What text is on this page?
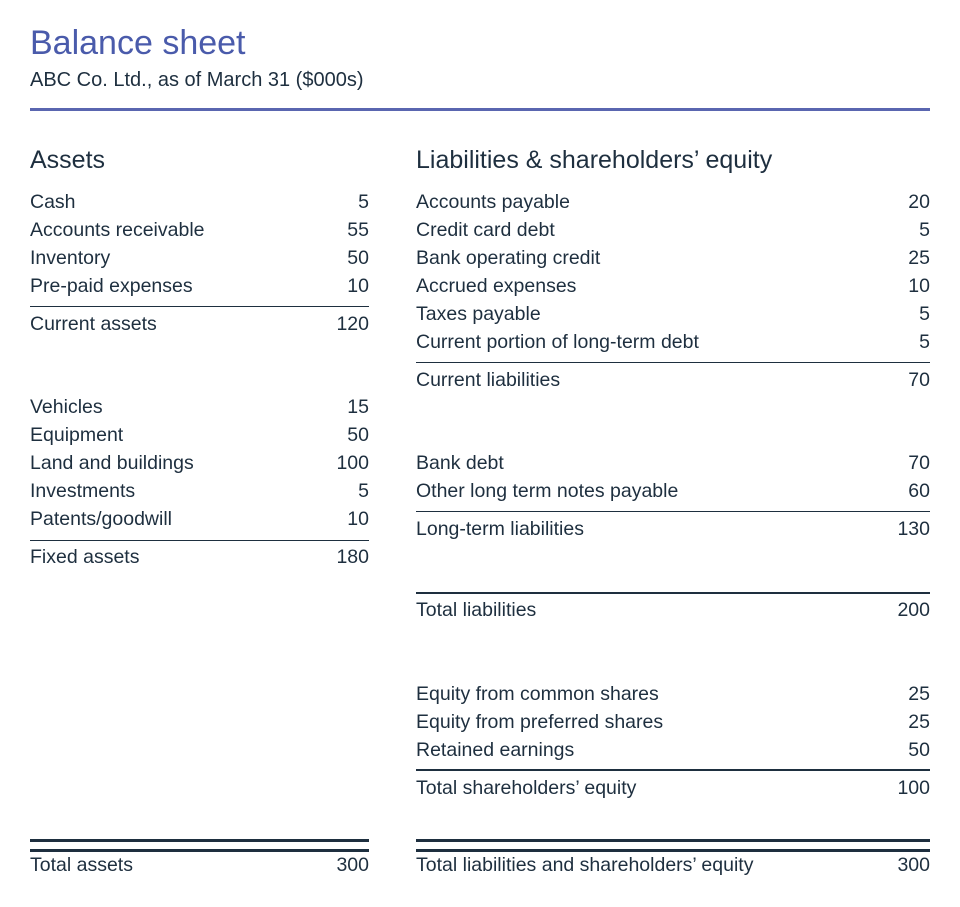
Balance sheet
ABC Co. Ltd., as of March 31 ($000s)
Assets
Cash	5
Accounts receivable	55
Inventory	50
Pre-paid expenses	10
Current assets	120
Vehicles	15
Equipment	50
Land and buildings	100
Investments	5
Patents/goodwill	10
Fixed assets	180
Total assets	300
Liabilities & shareholders’ equity
Accounts payable	20
Credit card debt	5
Bank operating credit	25
Accrued expenses	10
Taxes payable	5
Current portion of long-term debt	5
Current liabilities	70
Bank debt	70
Other long term notes payable	60
Long-term liabilities	130
Total liabilities	200
Equity from common shares	25
Equity from preferred shares	25
Retained earnings	50
Total shareholders’ equity	100
Total liabilities and shareholders’ equity	300
